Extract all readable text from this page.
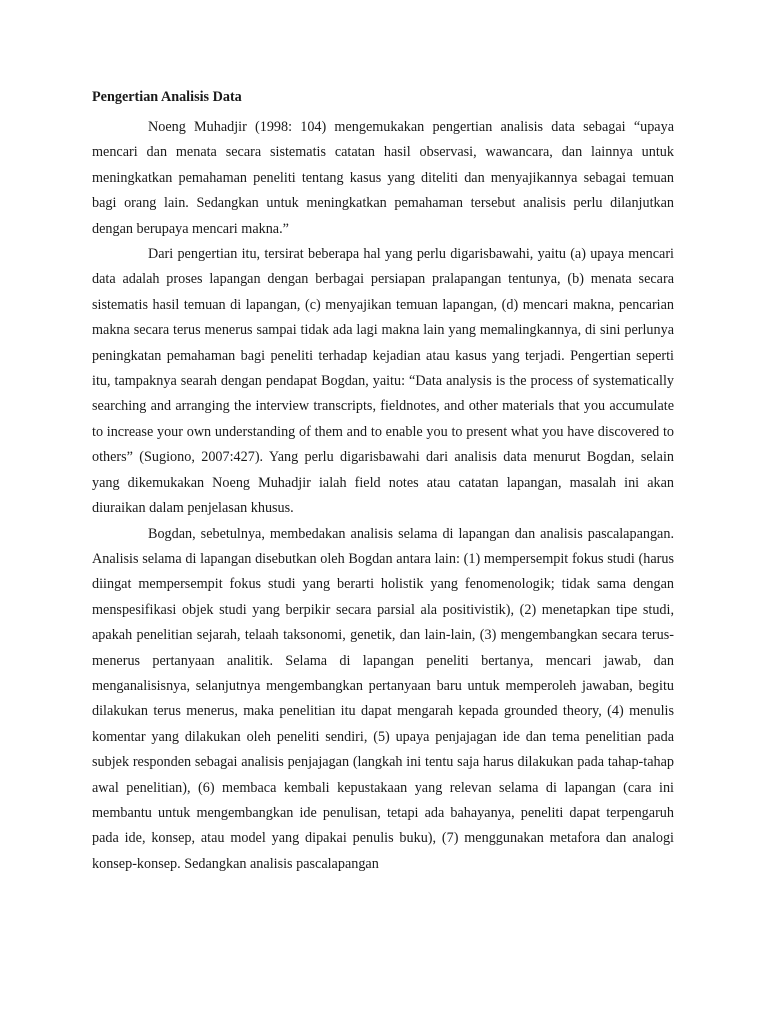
Pengertian Analisis Data

Noeng Muhadjir (1998: 104) mengemukakan pengertian analisis data sebagai “upaya mencari dan menata secara sistematis catatan hasil observasi, wawancara, dan lainnya untuk meningkatkan pemahaman peneliti tentang kasus yang diteliti dan menyajikannya sebagai temuan bagi orang lain. Sedangkan untuk meningkatkan pemahaman tersebut analisis perlu dilanjutkan dengan berupaya mencari makna.”

Dari pengertian itu, tersirat beberapa hal yang perlu digarisbawahi, yaitu (a) upaya mencari data adalah proses lapangan dengan berbagai persiapan pralapangan tentunya, (b) menata secara sistematis hasil temuan di lapangan, (c) menyajikan temuan lapangan, (d) mencari makna, pencarian makna secara terus menerus sampai tidak ada lagi makna lain yang memalingkannya, di sini perlunya peningkatan pemahaman bagi peneliti terhadap kejadian atau kasus yang terjadi. Pengertian seperti itu, tampaknya searah dengan pendapat Bogdan, yaitu: “Data analysis is the process of systematically searching and arranging the interview transcripts, fieldnotes, and other materials that you accumulate to increase your own understanding of them and to enable you to present what you have discovered to others” (Sugiono, 2007:427). Yang perlu digarisbawahi dari analisis data menurut Bogdan, selain yang dikemukakan Noeng Muhadjir ialah field notes atau catatan lapangan, masalah ini akan diuraikan dalam penjelasan khusus.

Bogdan, sebetulnya, membedakan analisis selama di lapangan dan analisis pascalapangan. Analisis selama di lapangan disebutkan oleh Bogdan antara lain: (1) mempersempit fokus studi (harus diingat mempersempit fokus studi yang berarti holistik yang fenomenologik; tidak sama dengan menspesifikasi objek studi yang berpikir secara parsial ala positivistik), (2) menetapkan tipe studi, apakah penelitian sejarah, telaah taksonomi, genetik, dan lain-lain, (3) mengembangkan secara terus-menerus pertanyaan analitik. Selama di lapangan peneliti bertanya, mencari jawab, dan menganalisisnya, selanjutnya mengembangkan pertanyaan baru untuk memperoleh jawaban, begitu dilakukan terus menerus, maka penelitian itu dapat mengarah kepada grounded theory, (4) menulis komentar yang dilakukan oleh peneliti sendiri, (5) upaya penjajagan ide dan tema penelitian pada subjek responden sebagai analisis penjajagan (langkah ini tentu saja harus dilakukan pada tahap-tahap awal penelitian), (6) membaca kembali kepustakaan yang relevan selama di lapangan (cara ini membantu untuk mengembangkan ide penulisan, tetapi ada bahayanya, peneliti dapat terpengaruh pada ide, konsep, atau model yang dipakai penulis buku), (7) menggunakan metafora dan analogi konsep-konsep. Sedangkan analisis pascalapangan
